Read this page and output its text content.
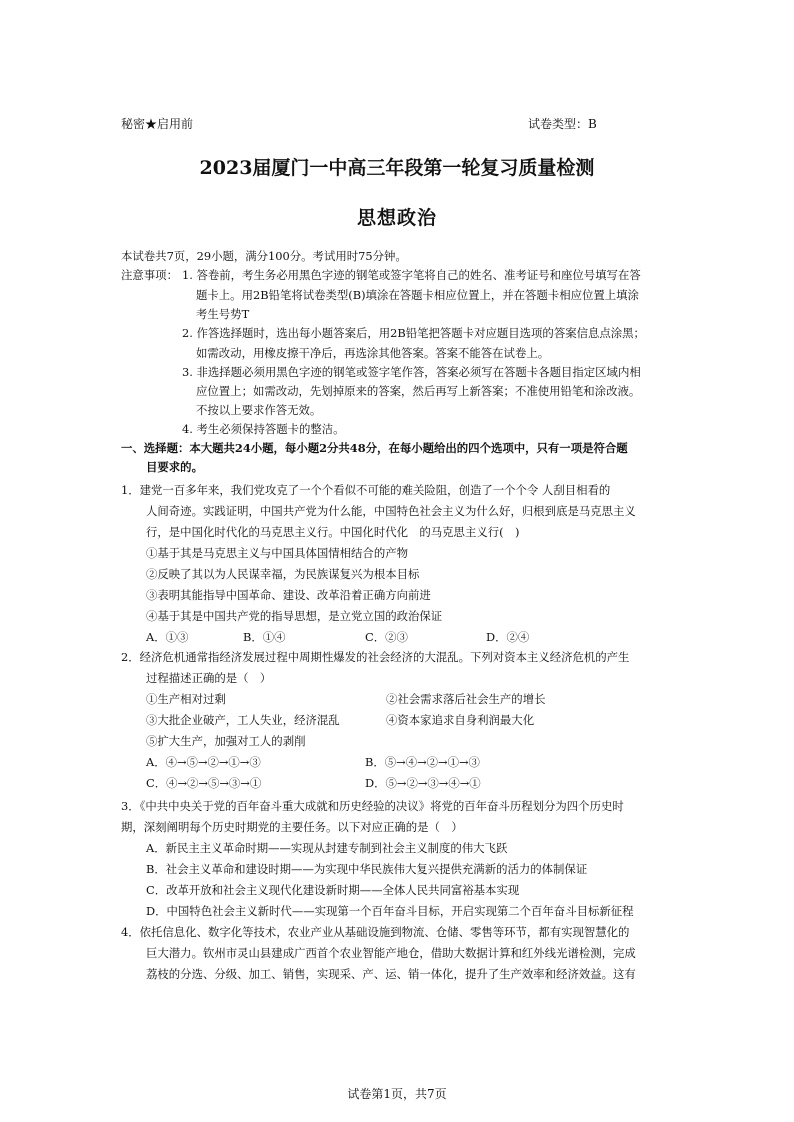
秘密★启用前	试卷类型：B
2023届厦门一中高三年段第一轮复习质量检测
思想政治
本试卷共7页，29小题，满分100分。考试用时75分钟。
注意事项： 1. 答卷前，考生务必用黑色字迹的钢笔或签字笔将自己的姓名、准考证号和座位号填写在答
题卡上。用2B铅笔将试卷类型(B)填涂在答题卡相应位置上，并在答题卡相应位置上填涂
考生号势T
2. 作答选择题时，选出每小题答案后，用2B铅笔把答题卡对应题目选项的答案信息点涂黑；
如需改动，用橡皮擦干净后，再选涂其他答案。答案不能答在试卷上。
3. 非选择题必须用黑色字迹的钢笔或签字笔作答，答案必须写在答题卡各题目指定区域内相
应位置上；如需改动，先划掉原来的答案，然后再写上新答案；不准使用铅笔和涂改液。
不按以上要求作答无效。
4. 考生必须保持答题卡的整洁。
一、选择题：本大题共24小题，每小题2分共48分，在每小题给出的四个选项中，只有一项是符合题
目要求的。
1．建党一百多年来，我们党攻克了一个个看似不可能的难关险阻，创造了一个个令 人刮目相看的
人间奇迹。实践证明，中国共产党为什么能，中国特色社会主义为什么好，归根到底是马克思主义
行，是中国化时代化的马克思主义行。中国化时代化　的马克思主义行(　)
①基于其是马克思主义与中国具体国情相结合的产物
②反映了其以为人民谋幸福，为民族谋复兴为根本目标
③表明其能指导中国革命、建设、改革沿着正确方向前进
④基于其是中国共产党的指导思想，是立党立国的政治保证
A．①③	B．①④	C．②③	D．②④
2．经济危机通常指经济发展过程中周期性爆发的社会经济的大混乱。下列对资本主义经济危机的产生
过程描述正确的是（　）
①生产相对过剩	②社会需求落后社会生产的增长
③大批企业破产，工人失业，经济混乱	④资本家追求自身利润最大化
⑤扩大生产，加强对工人的剥削
A．④→⑤→②→①→③	B．⑤→④→②→①→③
C．④→②→⑤→③→①	D．⑤→②→③→④→①
3．《中共中央关于党的百年奋斗重大成就和历史经验的决议》将党的百年奋斗历程划分为四个历史时
期，深刻阐明每个历史时期党的主要任务。以下对应正确的是（　）
A．新民主主义革命时期——实现从封建专制到社会主义制度的伟大飞跃
B．社会主义革命和建设时期——为实现中华民族伟大复兴提供充满新的活力的体制保证
C．改革开放和社会主义现代化建设新时期——全体人民共同富裕基本实现
D．中国特色社会主义新时代——实现第一个百年奋斗目标，开启实现第二个百年奋斗目标新征程
4．依托信息化、数字化等技术，农业产业从基础设施到物流、仓储、零售等环节，都有实现智慧化的
巨大潜力。钦州市灵山县建成广西首个农业智能产地仓，借助大数据计算和红外线光谱检测，完成
荔枝的分选、分级、加工、销售，实现采、产、运、销一体化，提升了生产效率和经济效益。这有
试卷第1页，共7页
